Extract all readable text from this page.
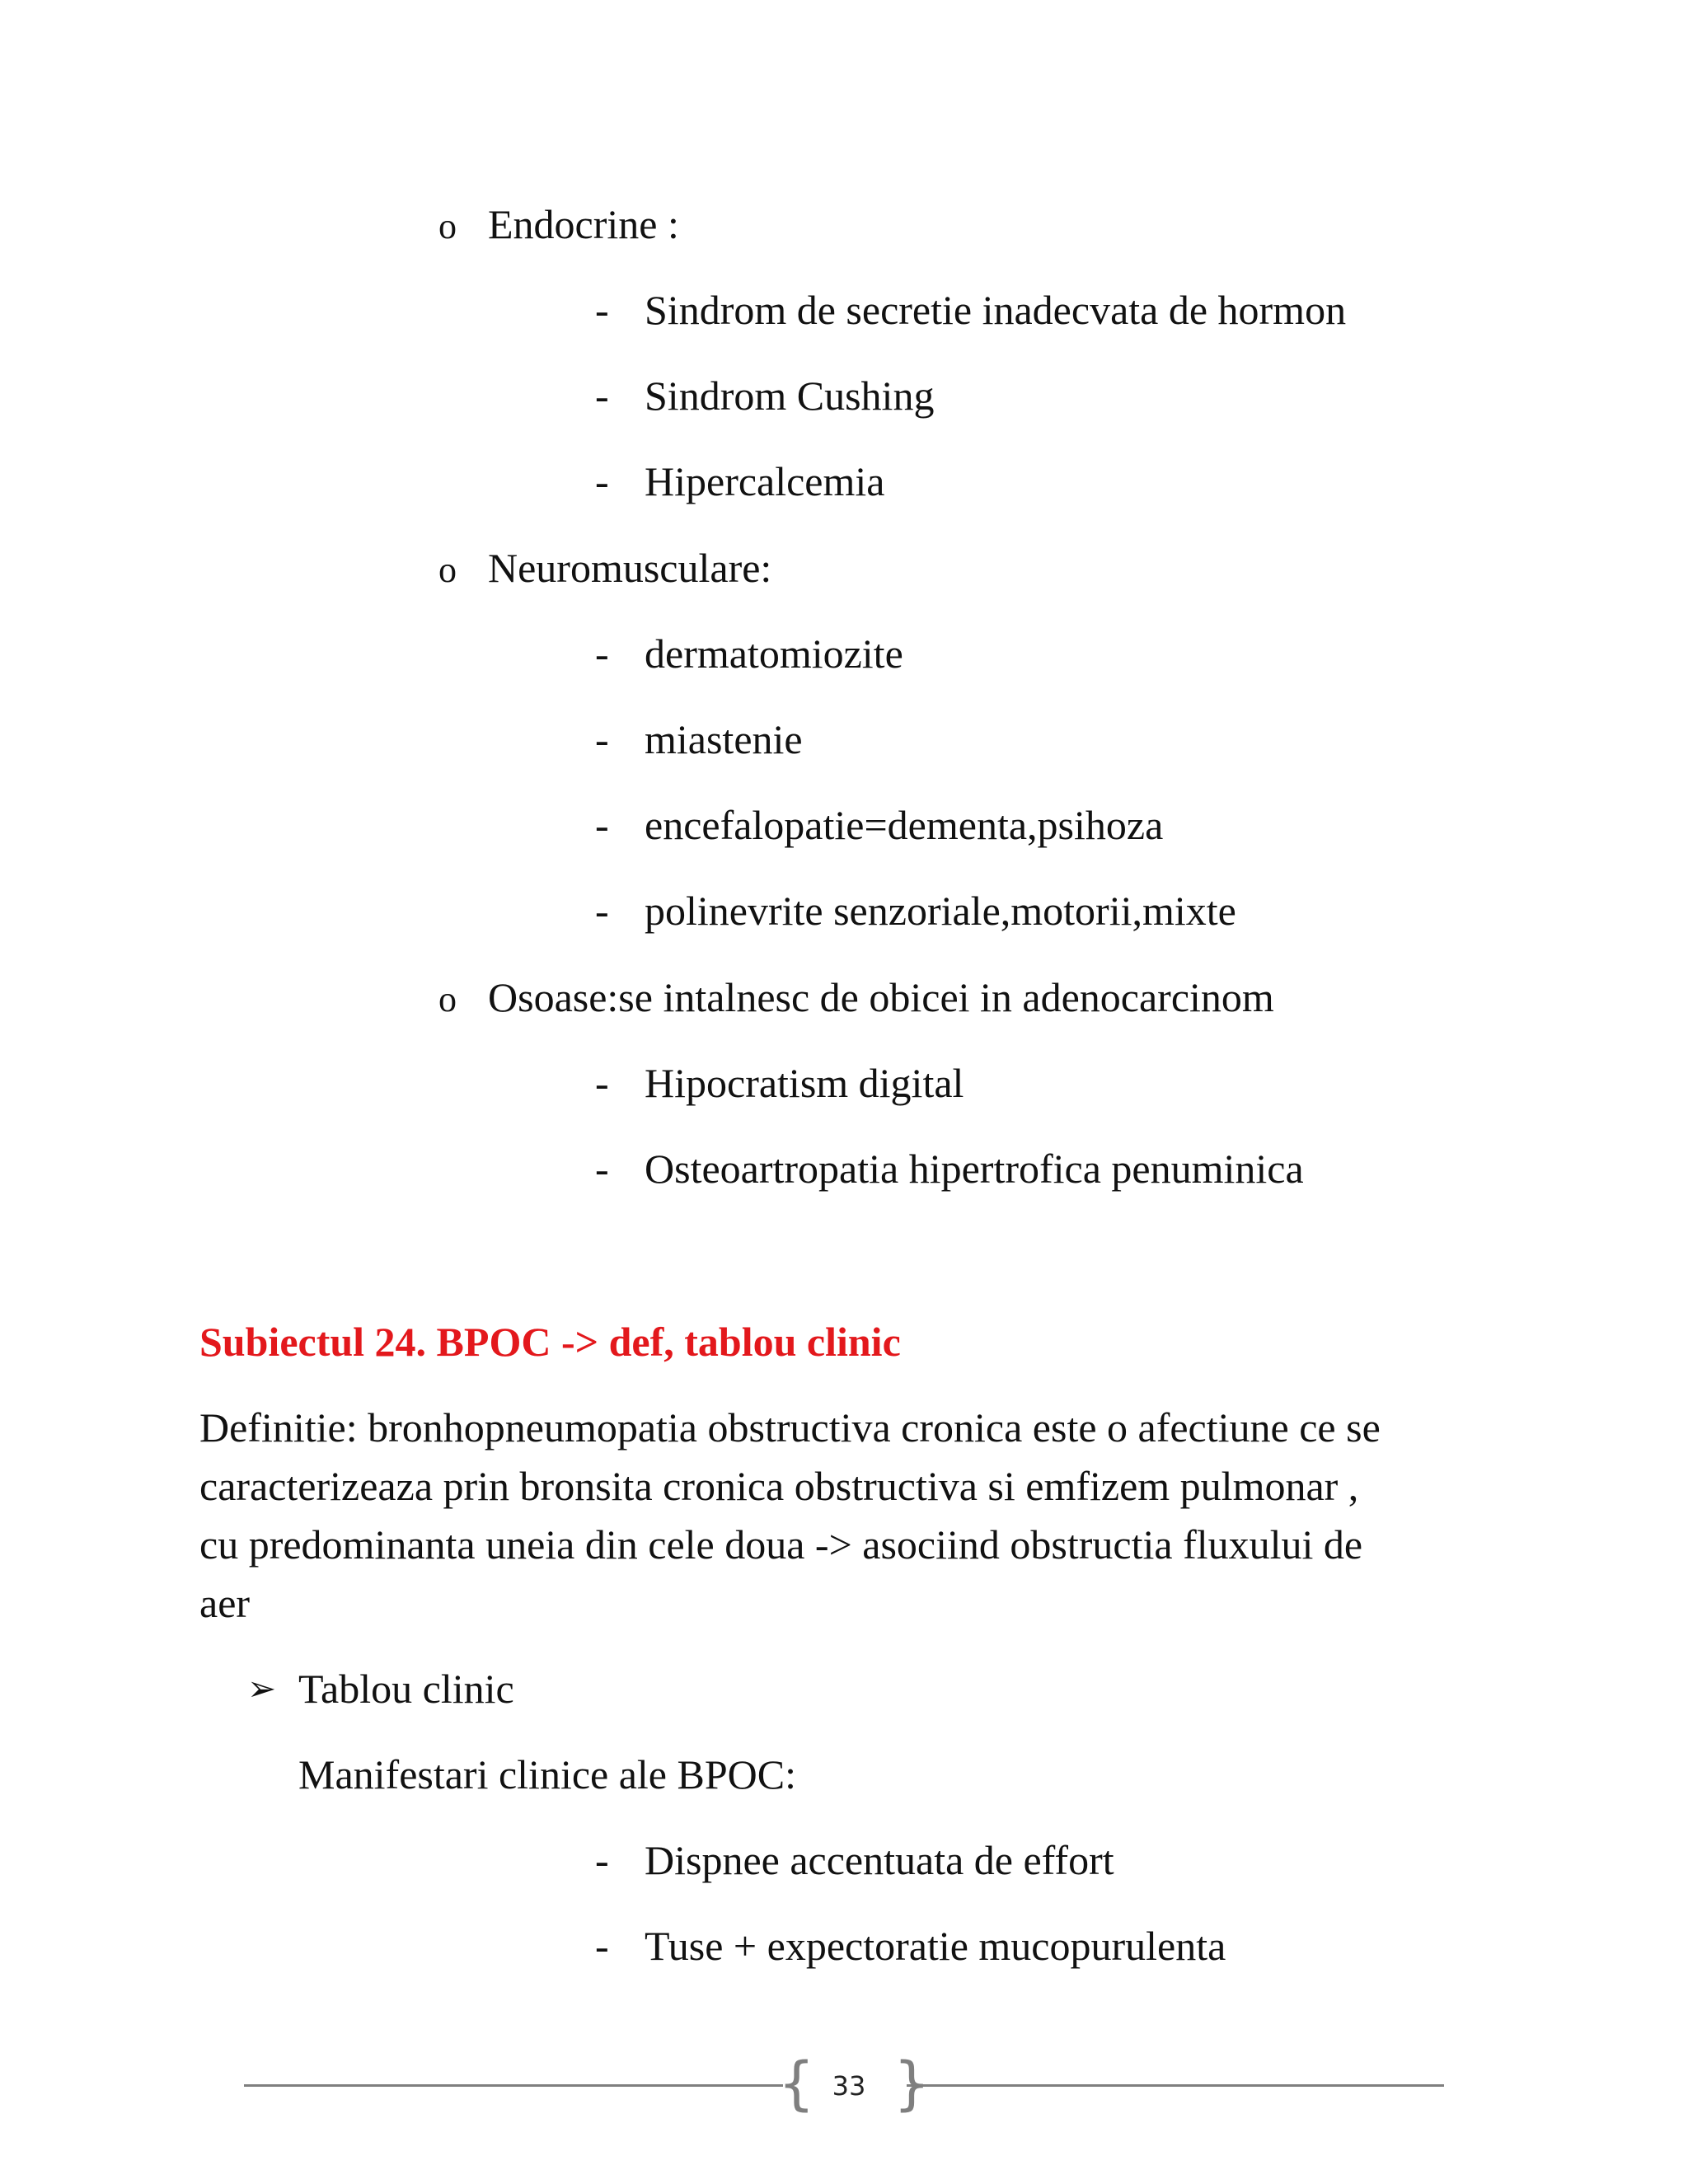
o Endocrine :
- Sindrom de secretie inadecvata de hormon
- Sindrom Cushing
- Hipercalcemia
o Neuromusculare:
- dermatomiozite
- miastenie
- encefalopatie=dementa,psihoza
- polinevrite senzoriale,motorii,mixte
o Osoase:se intalnesc de obicei in adenocarcinom
- Hipocratism digital
- Osteoartropatia hipertrofica penuminica
Subiectul 24. BPOC -> def, tablou clinic
Definitie: bronhopneumopatia obstructiva cronica este o afectiune ce se
caracterizeaza prin bronsita cronica obstructiva si emfizem pulmonar ,
cu predominanta uneia din cele doua -> asociind obstructia fluxului de
aer
➢ Tablou clinic
Manifestari clinice ale BPOC:
- Dispnee accentuata de effort
- Tuse + expectoratie mucopurulenta
{ }
33
